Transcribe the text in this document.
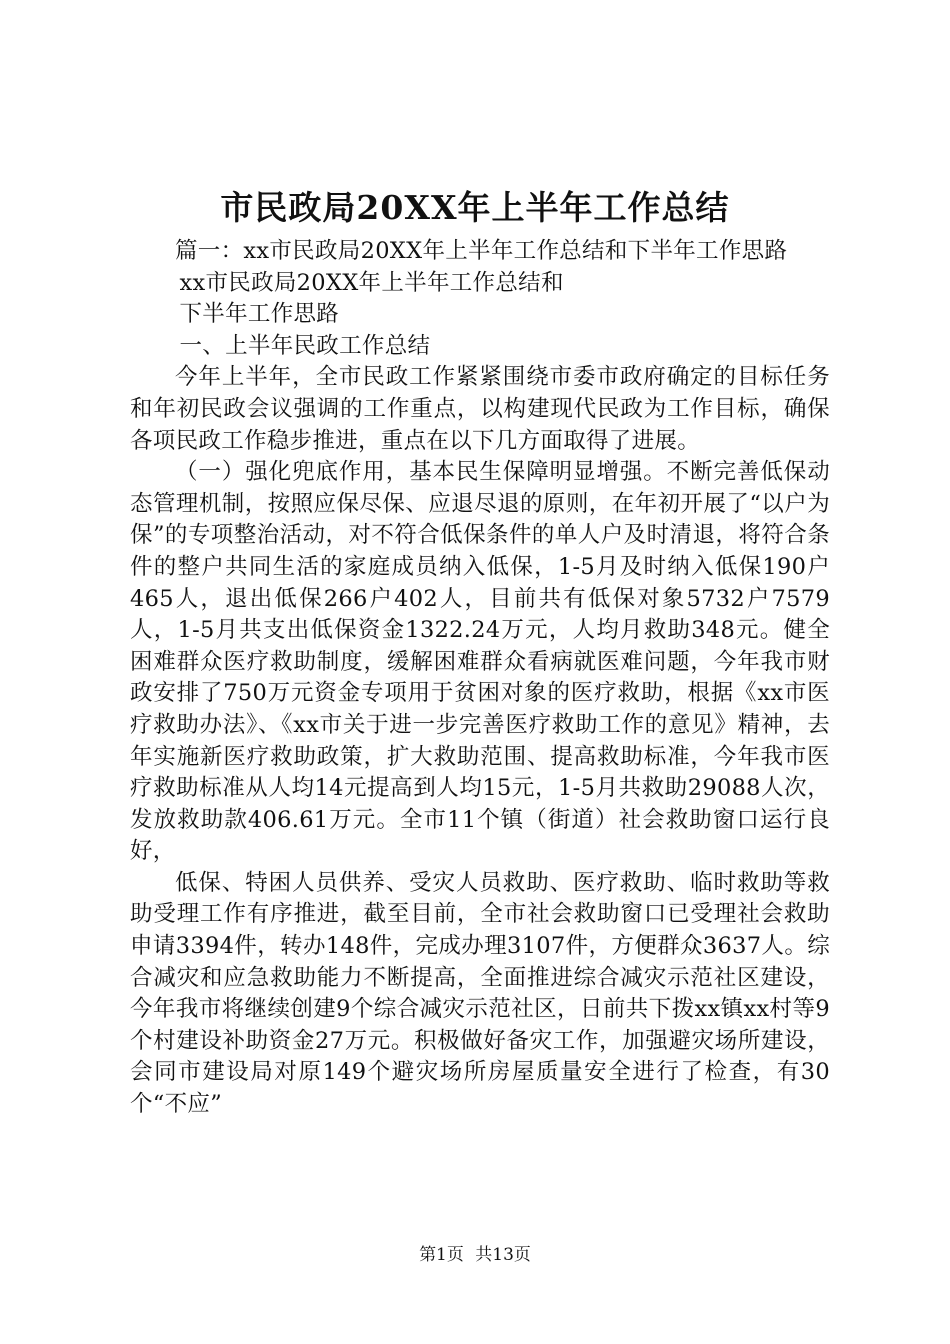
市民政局20XX年上半年工作总结

篇一：xx市民政局20XX年上半年工作总结和下半年工作思路

xx市民政局20XX年上半年工作总结和

下半年工作思路

一、上半年民政工作总结

今年上半年，全市民政工作紧紧围绕市委市政府确定的目标任务和年初民政会议强调的工作重点，以构建现代民政为工作目标，确保各项民政工作稳步推进，重点在以下几方面取得了进展。

（一）强化兜底作用，基本民生保障明显增强。不断完善低保动态管理机制，按照应保尽保、应退尽退的原则，在年初开展了“以户为保”的专项整治活动，对不符合低保条件的单人户及时清退，将符合条件的整户共同生活的家庭成员纳入低保，1-5月及时纳入低保190户465人，退出低保266户402人，目前共有低保对象5732户7579人，1-5月共支出低保资金1322.24万元，人均月救助348元。健全困难群众医疗救助制度，缓解困难群众看病就医难问题，今年我市财政安排了750万元资金专项用于贫困对象的医疗救助，根据《xx市医疗救助办法》、《xx市关于进一步完善医疗救助工作的意见》精神，去年实施新医疗救助政策，扩大救助范围、提高救助标准，今年我市医疗救助标准从人均14元提高到人均15元，1-5月共救助29088人次，发放救助款406.61万元。全市11个镇（街道）社会救助窗口运行良好，

低保、特困人员供养、受灾人员救助、医疗救助、临时救助等救助受理工作有序推进，截至目前，全市社会救助窗口已受理社会救助申请3394件，转办148件，完成办理3107件，方便群众3637人。综合减灾和应急救助能力不断提高，全面推进综合减灾示范社区建设，今年我市将继续创建9个综合减灾示范社区，日前共下拨xx镇xx村等9个村建设补助资金27万元。积极做好备灾工作，加强避灾场所建设，会同市建设局对原149个避灾场所房屋质量安全进行了检查，有30个“不应”

第1页 共13页
